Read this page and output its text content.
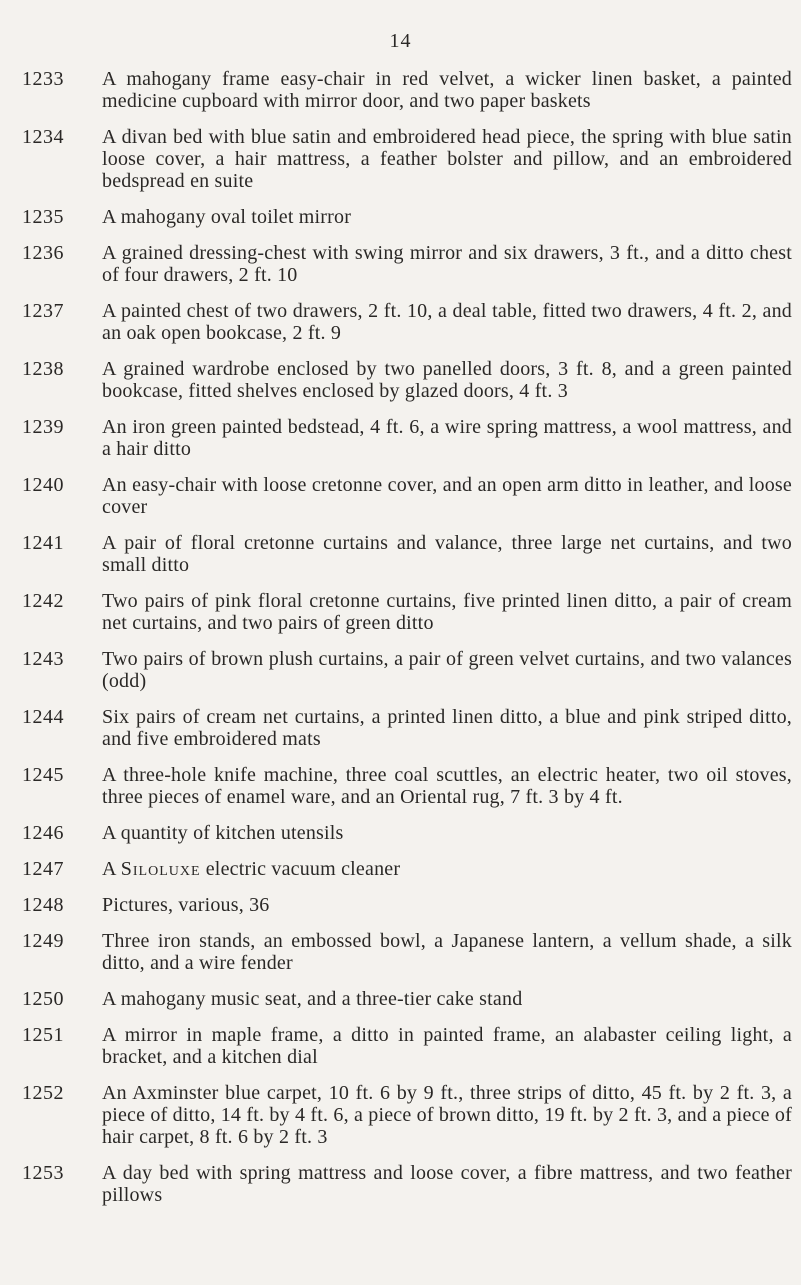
14
1233	A mahogany frame easy-chair in red velvet, a wicker linen basket, a painted medicine cupboard with mirror door, and two paper baskets
1234	A divan bed with blue satin and embroidered head piece, the spring with blue satin loose cover, a hair mattress, a feather bolster and pillow, and an embroidered bedspread en suite
1235	A mahogany oval toilet mirror
1236	A grained dressing-chest with swing mirror and six drawers, 3 ft., and a ditto chest of four drawers, 2 ft. 10
1237	A painted chest of two drawers, 2 ft. 10, a deal table, fitted two drawers, 4 ft. 2, and an oak open bookcase, 2 ft. 9
1238	A grained wardrobe enclosed by two panelled doors, 3 ft. 8, and a green painted bookcase, fitted shelves enclosed by glazed doors, 4 ft. 3
1239	An iron green painted bedstead, 4 ft. 6, a wire spring mattress, a wool mattress, and a hair ditto
1240	An easy-chair with loose cretonne cover, and an open arm ditto in leather, and loose cover
1241	A pair of floral cretonne curtains and valance, three large net curtains, and two small ditto
1242	Two pairs of pink floral cretonne curtains, five printed linen ditto, a pair of cream net curtains, and two pairs of green ditto
1243	Two pairs of brown plush curtains, a pair of green velvet curtains, and two valances (odd)
1244	Six pairs of cream net curtains, a printed linen ditto, a blue and pink striped ditto, and five embroidered mats
1245	A three-hole knife machine, three coal scuttles, an electric heater, two oil stoves, three pieces of enamel ware, and an Oriental rug, 7 ft. 3 by 4 ft.
1246	A quantity of kitchen utensils
1247	A Siloluxe electric vacuum cleaner
1248	Pictures, various, 36
1249	Three iron stands, an embossed bowl, a Japanese lantern, a vellum shade, a silk ditto, and a wire fender
1250	A mahogany music seat, and a three-tier cake stand
1251	A mirror in maple frame, a ditto in painted frame, an alabaster ceiling light, a bracket, and a kitchen dial
1252	An Axminster blue carpet, 10 ft. 6 by 9 ft., three strips of ditto, 45 ft. by 2 ft. 3, a piece of ditto, 14 ft. by 4 ft. 6, a piece of brown ditto, 19 ft. by 2 ft. 3, and a piece of hair carpet, 8 ft. 6 by 2 ft. 3
1253	A day bed with spring mattress and loose cover, a fibre mattress, and two feather pillows
